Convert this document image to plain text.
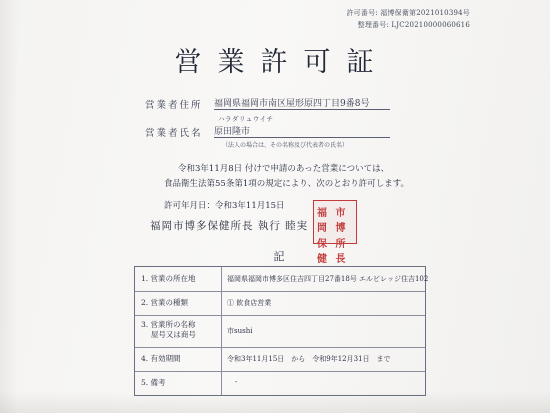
許可番号: 福博保衛第2021010394号
整理番号: LJC20210000060616
営業許可証
営業者住所 福岡県福岡市南区屋形原四丁目9番8号
ハラダリュウイチ
営業者氏名 原田隆市
（法人の場合は、その名称及び代表者の氏名）
令和3年11月8日 付けで申請のあった営業については、
食品衛生法第55条第1項の規定により、次のとおり許可します。
許可年月日：令和3年11月15日
福岡市博多保健所長 執行 睦実
福岡
市博
保健
所長
記
1. 営業の所在地	福岡県福岡市博多区住吉四丁目27番18号 エルビレッジ住吉102
2. 営業の種類	① 飲食店営業
3. 営業所の名称
　 屋号又は商号	市sushi
4. 有効期間	令和3年11月15日　から　令和9年12月31日　まで
5. 備考	-
